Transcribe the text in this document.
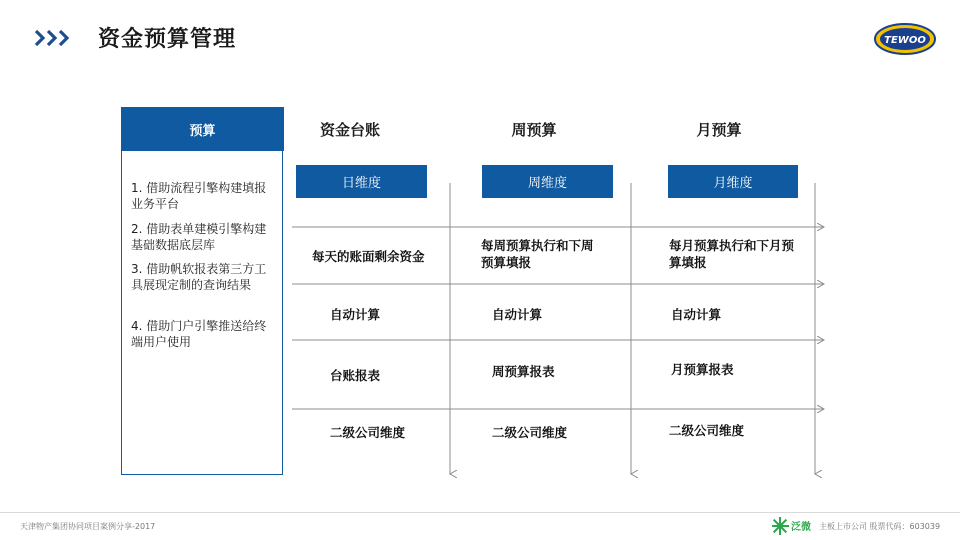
资金预算管理	TEWOO
预算
1. 借助流程引擎构建填报业务平台
2. 借助表单建模引擎构建基础数据底层库
3. 借助帆软报表第三方工具展现定制的查询结果
4. 借助门户引擎推送给终端用户使用
资金台账
日维度
每天的账面剩余资金
自动计算
台账报表
二级公司维度
周预算
周维度
每周预算执行和下周预算填报
自动计算
周预算报表
二级公司维度
月预算
月维度
每月预算执行和下月预算填报
自动计算
月预算报表
二级公司维度
天津物产集团协同项目案例分享-2017	泛微 主板上市公司 股票代码：603039
